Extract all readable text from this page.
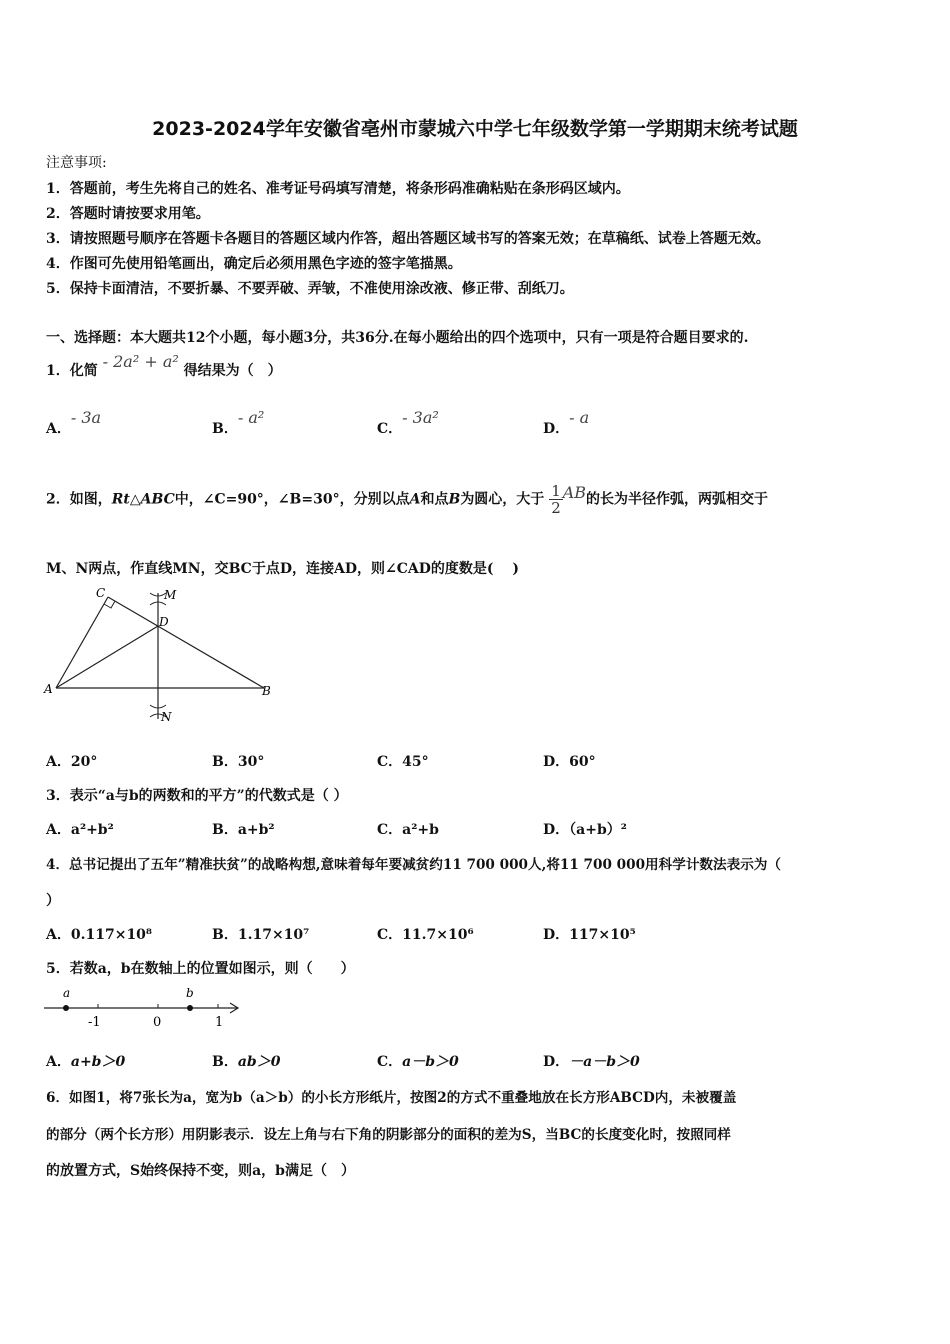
2023-2024学年安徽省亳州市蒙城六中学七年级数学第一学期期末统考试题
注意事项:
1．答题前，考生先将自己的姓名、准考证号码填写清楚，将条形码准确粘贴在条形码区域内。
2．答题时请按要求用笔。
3．请按照题号顺序在答题卡各题目的答题区域内作答，超出答题区域书写的答案无效；在草稿纸、试卷上答题无效。
4．作图可先使用铅笔画出，确定后必须用黑色字迹的签字笔描黑。
5．保持卡面清洁，不要折暴、不要弄破、弄皱，不准使用涂改液、修正带、刮纸刀。
一、选择题：本大题共12个小题，每小题3分，共36分.在每小题给出的四个选项中，只有一项是符合题目要求的.
1．化简 - 2a² + a² 得结果为（　）
A．- 3a
B．- a²
C．- 3a²
D．- a
2．如图，Rt△ABC中，∠C=90°，∠B=30°，分别以点A和点B为圆心，大于 $\frac{1}{2}$ AB的长为半径作弧，两弧相交于
M、N两点，作直线MN，交BC于点D，连接AD，则∠CAD的度数是(　 )
C	M
D
A	B
N
A．20°	B．30°	C．45°	D．60°
3．表示“a与b的两数和的平方”的代数式是（ ）
A．a²+b²	B．a+b²	C．a²+b	D．（a+b）²
4．总书记提出了五年”精准扶贫”的战略构想,意味着每年要减贫约11 700 000人,将11 700 000用科学计数法表示为（
）
A．0.117×10⁸	B．1.17×10⁷	C．11.7×10⁶	D．117×10⁵
5．若数a，b在数轴上的位置如图示，则（　　）
a	b
-1	0	1
A．a+b＞0	B．ab＞0	C．a－b＞0	D．－a－b＞0
6．如图1，将7张长为a，宽为b（a＞b）的小长方形纸片，按图2的方式不重叠地放在长方形ABCD内，未被覆盖
的部分（两个长方形）用阴影表示．设左上角与右下角的阴影部分的面积的差为S，当BC的长度变化时，按照同样
的放置方式，S始终保持不变，则a，b满足（　）
